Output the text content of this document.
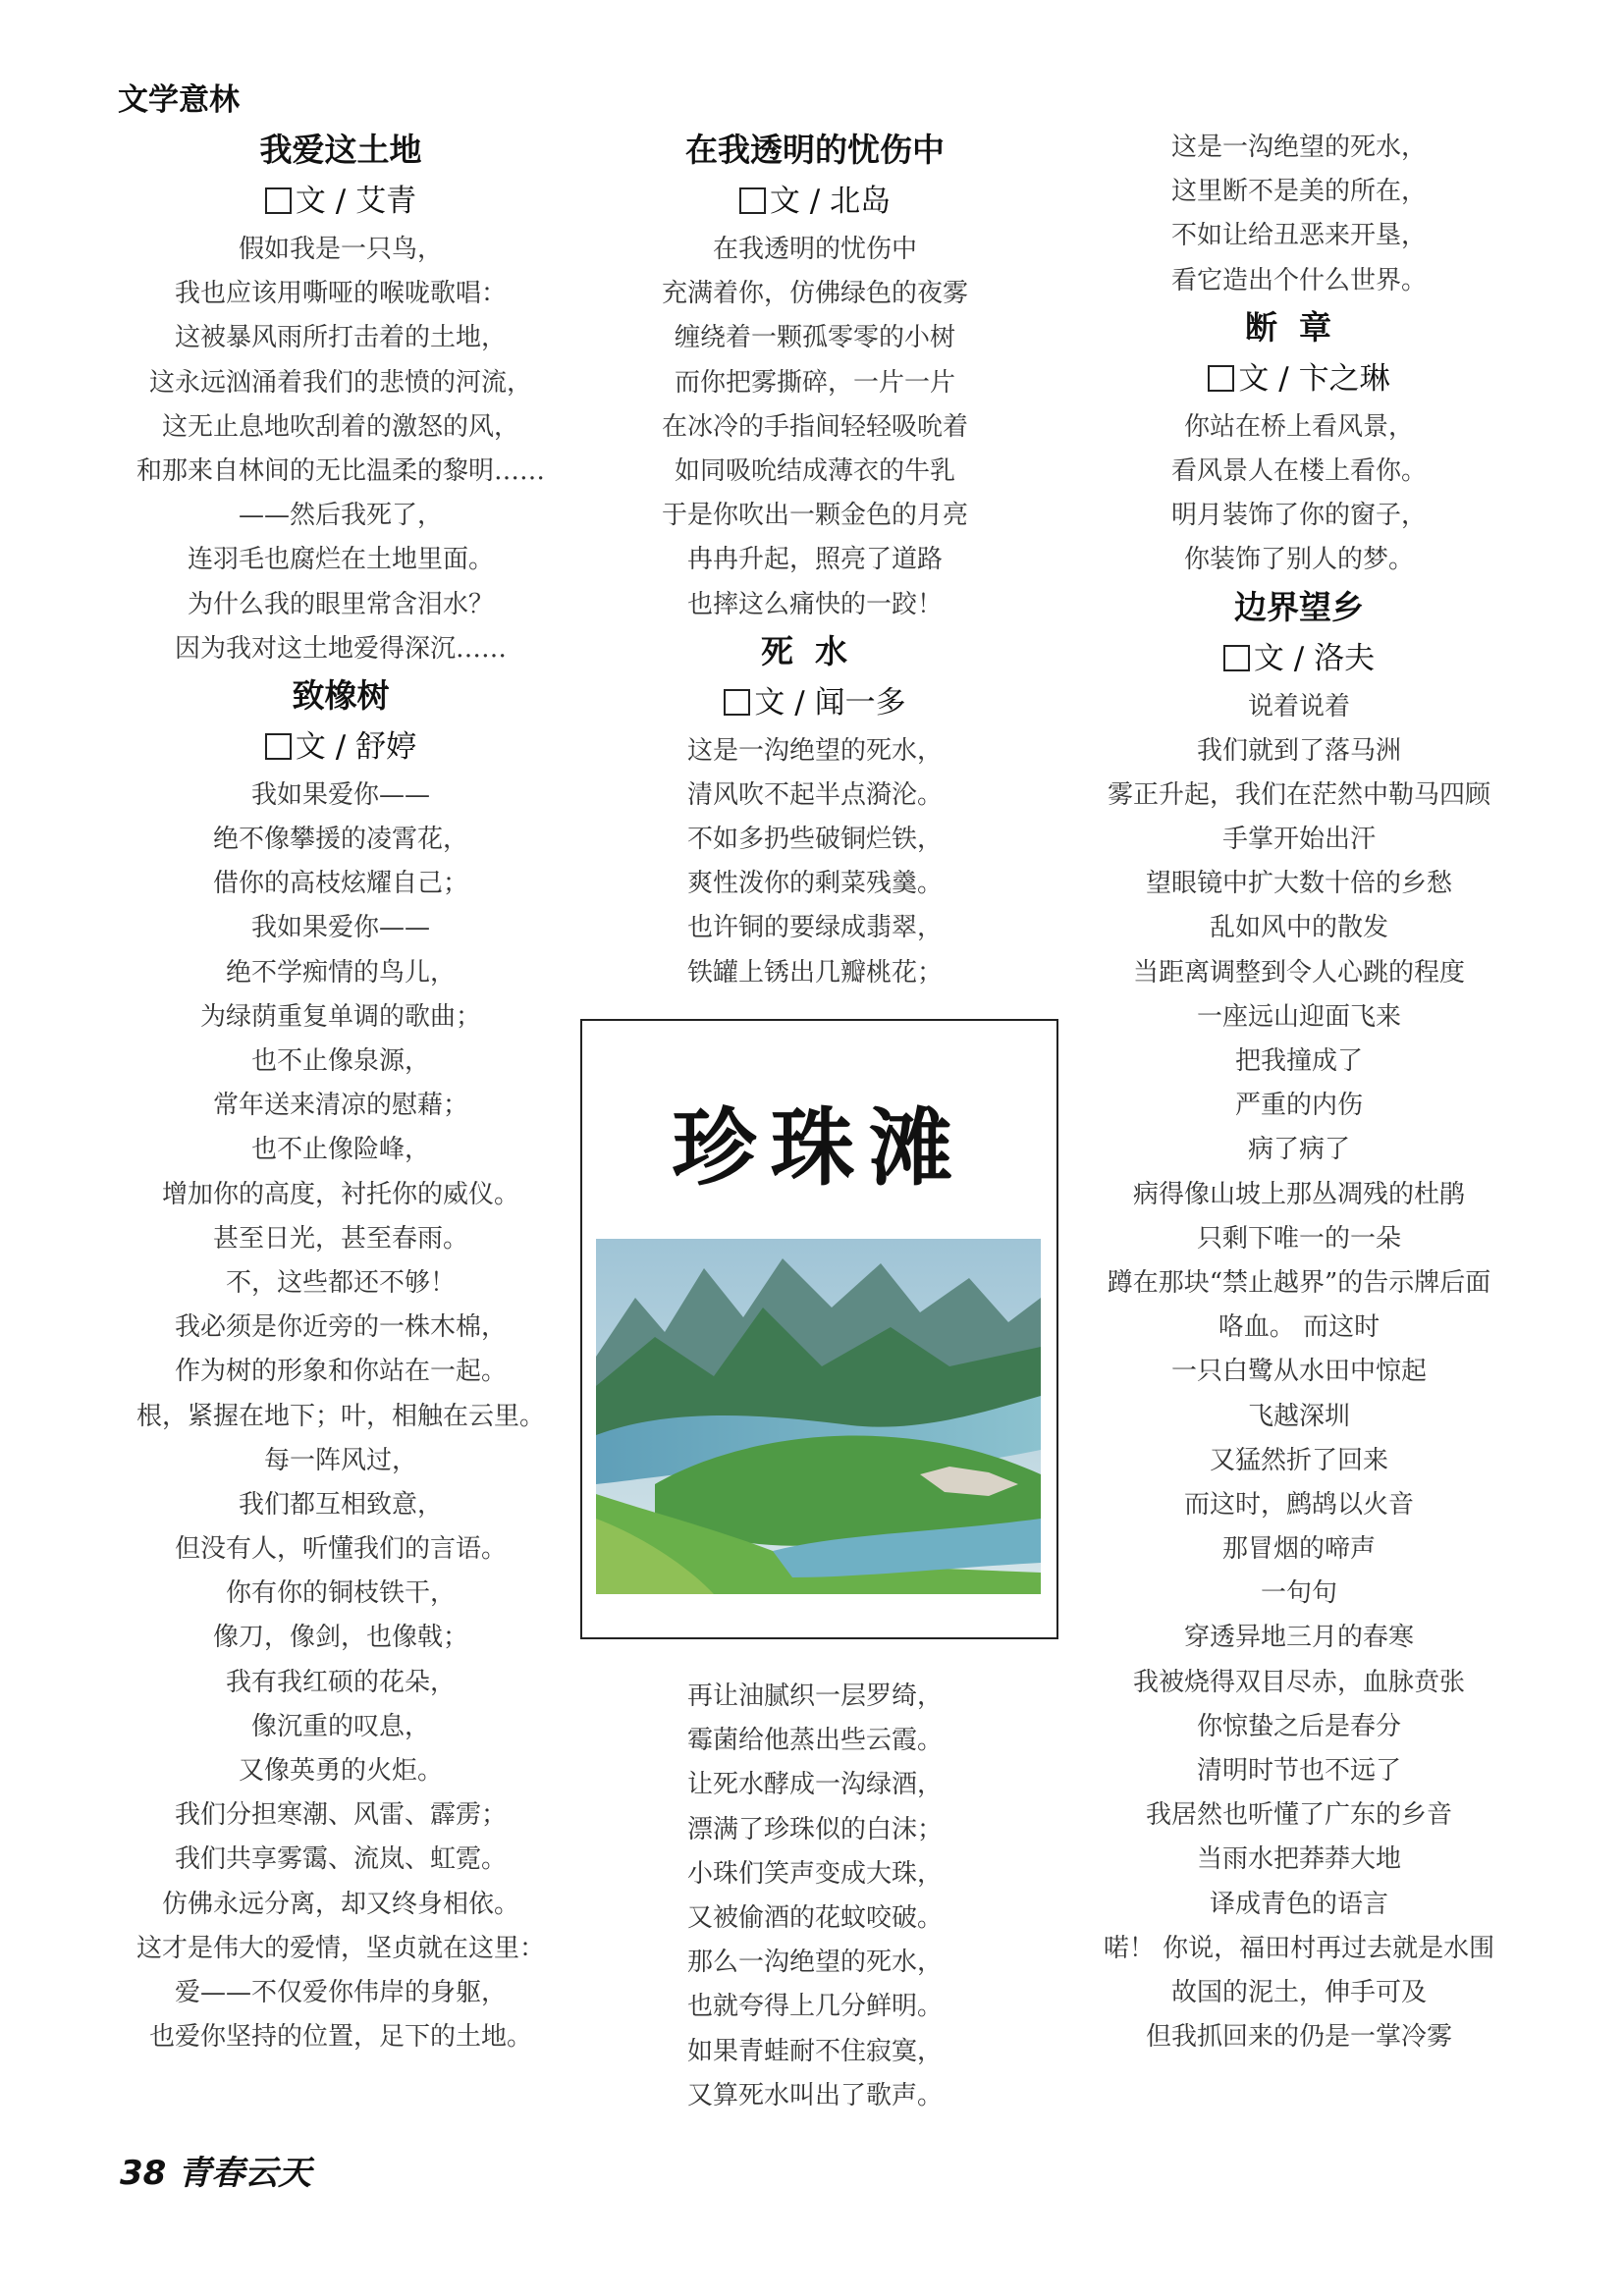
文学意林
我爱这土地
文 / 艾青
假如我是一只鸟，
我也应该用嘶哑的喉咙歌唱：
这被暴风雨所打击着的土地，
这永远汹涌着我们的悲愤的河流，
这无止息地吹刮着的激怒的风，
和那来自林间的无比温柔的黎明……
——然后我死了，
连羽毛也腐烂在土地里面。
为什么我的眼里常含泪水？
因为我对这土地爱得深沉……
致橡树
文 / 舒婷
我如果爱你——
绝不像攀援的凌霄花，
借你的高枝炫耀自己；
我如果爱你——
绝不学痴情的鸟儿，
为绿荫重复单调的歌曲；
也不止像泉源，
常年送来清凉的慰藉；
也不止像险峰，
增加你的高度，衬托你的威仪。
甚至日光，甚至春雨。
不，这些都还不够！
我必须是你近旁的一株木棉，
作为树的形象和你站在一起。
根，紧握在地下；叶，相触在云里。
每一阵风过，
我们都互相致意，
但没有人，听懂我们的言语。
你有你的铜枝铁干，
像刀，像剑，也像戟；
我有我红硕的花朵，
像沉重的叹息，
又像英勇的火炬。
我们分担寒潮、风雷、霹雳；
我们共享雾霭、流岚、虹霓。
仿佛永远分离，却又终身相依。
这才是伟大的爱情，坚贞就在这里：
爱——不仅爱你伟岸的身躯，
也爱你坚持的位置，足下的土地。
在我透明的忧伤中
文 / 北岛
在我透明的忧伤中
充满着你，仿佛绿色的夜雾
缠绕着一颗孤零零的小树
而你把雾撕碎，一片一片
在冰冷的手指间轻轻吸吮着
如同吸吮结成薄衣的牛乳
于是你吹出一颗金色的月亮
冉冉升起，照亮了道路
也摔这么痛快的一跤！
死水
文 / 闻一多
这是一沟绝望的死水，
清风吹不起半点漪沦。
不如多扔些破铜烂铁，
爽性泼你的剩菜残羹。
也许铜的要绿成翡翠，
铁罐上锈出几瓣桃花；
珍珠滩
再让油腻织一层罗绮，
霉菌给他蒸出些云霞。
让死水酵成一沟绿酒，
漂满了珍珠似的白沫；
小珠们笑声变成大珠，
又被偷酒的花蚊咬破。
那么一沟绝望的死水，
也就夸得上几分鲜明。
如果青蛙耐不住寂寞，
又算死水叫出了歌声。
这是一沟绝望的死水，
这里断不是美的所在，
不如让给丑恶来开垦，
看它造出个什么世界。
断章
文 / 卞之琳
你站在桥上看风景，
看风景人在楼上看你。
明月装饰了你的窗子，
你装饰了别人的梦。
边界望乡
文 / 洛夫
说着说着
我们就到了落马洲
雾正升起，我们在茫然中勒马四顾
手掌开始出汗
望眼镜中扩大数十倍的乡愁
乱如风中的散发
当距离调整到令人心跳的程度
一座远山迎面飞来
把我撞成了
严重的内伤
病了病了
病得像山坡上那丛凋残的杜鹃
只剩下唯一的一朵
蹲在那块“禁止越界”的告示牌后面
咯血。 而这时
一只白鹭从水田中惊起
飞越深圳
又猛然折了回来
而这时，鹧鸪以火音
那冒烟的啼声
一句句
穿透异地三月的春寒
我被烧得双目尽赤，血脉贲张
你惊蛰之后是春分
清明时节也不远了
我居然也听懂了广东的乡音
当雨水把莽莽大地
译成青色的语言
喏！ 你说，福田村再过去就是水围
故国的泥土，伸手可及
但我抓回来的仍是一掌冷雾
38 青春云天
